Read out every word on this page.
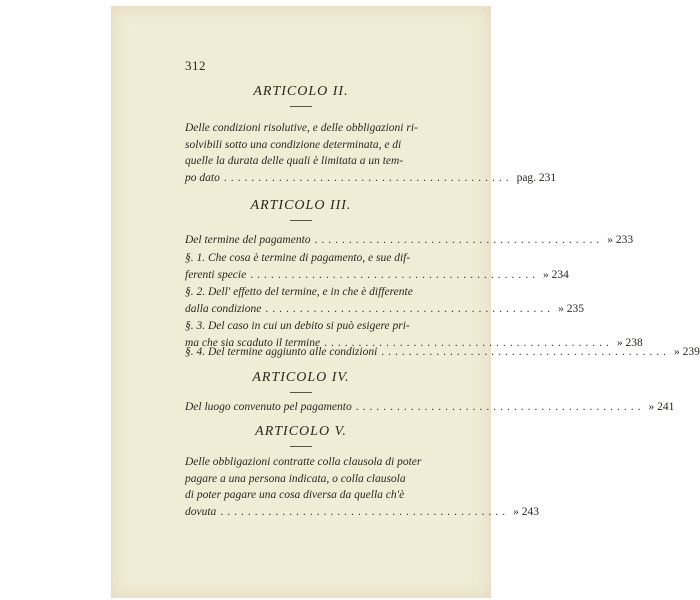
312
ARTICOLO II.
Delle condizioni risolutive, e delle obbligazioni ri-
solvibili sotto una condizione determinata, e di
quelle la durata delle quali è limitata a un tem-
po dato .......................................... pag. 231
ARTICOLO III.
Del termine del pagamento .......................................... » 233
§. 1. Che cosa è termine di pagamento, e sue dif-
ferenti specie .......................................... » 234
§. 2. Dell' effetto del termine, e in che è differente
dalla condizione .......................................... » 235
§. 3. Del caso in cui un debito si può esigere pri-
ma che sia scaduto il termine .......................................... » 238
§. 4. Del termine aggiunto alle condizioni .......................................... » 239
ARTICOLO IV.
Del luogo convenuto pel pagamento .......................................... » 241
ARTICOLO V.
Delle obbligazioni contratte colla clausola di poter
pagare a una persona indicata, o colla clausola
di poter pagare una cosa diversa da quella ch'è
dovuta .......................................... » 243
